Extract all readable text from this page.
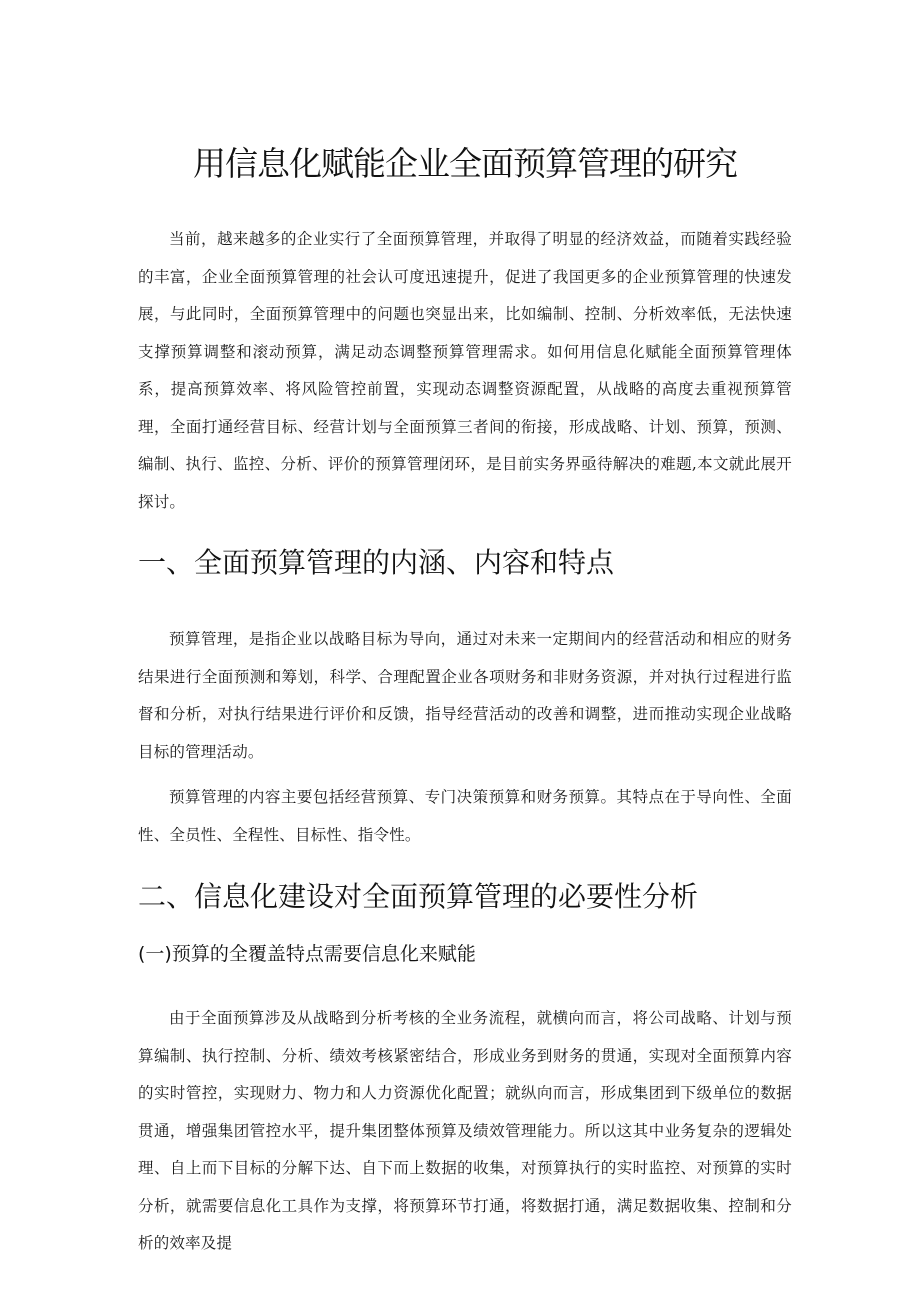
用信息化赋能企业全面预算管理的研究

当前，越来越多的企业实行了全面预算管理，并取得了明显的经济效益，而随着实践经验的丰富，企业全面预算管理的社会认可度迅速提升，促进了我国更多的企业预算管理的快速发展，与此同时，全面预算管理中的问题也突显出来，比如编制、控制、分析效率低，无法快速支撑预算调整和滚动预算，满足动态调整预算管理需求。如何用信息化赋能全面预算管理体系，提高预算效率、将风险管控前置，实现动态调整资源配置，从战略的高度去重视预算管理，全面打通经营目标、经营计划与全面预算三者间的衔接，形成战略、计划、预算，预测、编制、执行、监控、分析、评价的预算管理闭环，是目前实务界亟待解决的难题,本文就此展开探讨。

一、全面预算管理的内涵、内容和特点

预算管理，是指企业以战略目标为导向，通过对未来一定期间内的经营活动和相应的财务结果进行全面预测和筹划，科学、合理配置企业各项财务和非财务资源，并对执行过程进行监督和分析，对执行结果进行评价和反馈，指导经营活动的改善和调整，进而推动实现企业战略目标的管理活动。

预算管理的内容主要包括经营预算、专门决策预算和财务预算。其特点在于导向性、全面性、全员性、全程性、目标性、指令性。

二、信息化建设对全面预算管理的必要性分析
(一)预算的全覆盖特点需要信息化来赋能

由于全面预算涉及从战略到分析考核的全业务流程，就横向而言，将公司战略、计划与预算编制、执行控制、分析、绩效考核紧密结合，形成业务到财务的贯通，实现对全面预算内容的实时管控，实现财力、物力和人力资源优化配置；就纵向而言，形成集团到下级单位的数据贯通，增强集团管控水平，提升集团整体预算及绩效管理能力。所以这其中业务复杂的逻辑处理、自上而下目标的分解下达、自下而上数据的收集，对预算执行的实时监控、对预算的实时分析，就需要信息化工具作为支撑，将预算环节打通，将数据打通，满足数据收集、控制和分析的效率及提
